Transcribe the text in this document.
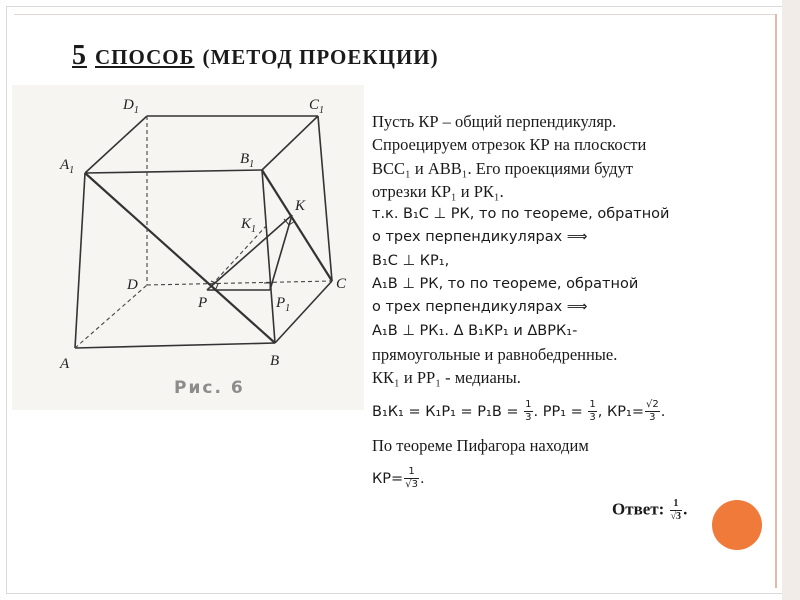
5 СПОСОБ (МЕТОД ПРОЕКЦИИ)
$D_1$	$C_1$
$A_1$
$B_1$
$K_1$
K
D	C
P	$P_1$
A	B
Рис. 6
Пусть КР – общий перпендикуляр.
Спроецируем отрезок КР на плоскости
ВСС₁ и АВВ₁. Его проекциями будут
отрезки КР₁ и РК₁.
т.к. В₁С ⊥ РК, то по теореме, обратной
о трех перпендикулярах ⟹
В₁С ⊥ КР₁,
А₁В ⊥ РК, то по теореме, обратной
о трех перпендикулярах ⟹
А₁В ⊥ РК₁. Δ В₁КР₁ и ΔВРК₁-
прямоугольные и равнобедренные.
КК₁ и РР₁ - медианы.
$В_1К_1 = К_1Р_1 = Р_1В = \frac{1}{3}$ . $РР_1 = \frac{1}{3}$ , $КР_1= \frac{√2}{3}$ .
По теореме Пифагора находим
$КР= \frac{1}{√3}$ .
Ответ: $\frac{1}{√3}$ .
